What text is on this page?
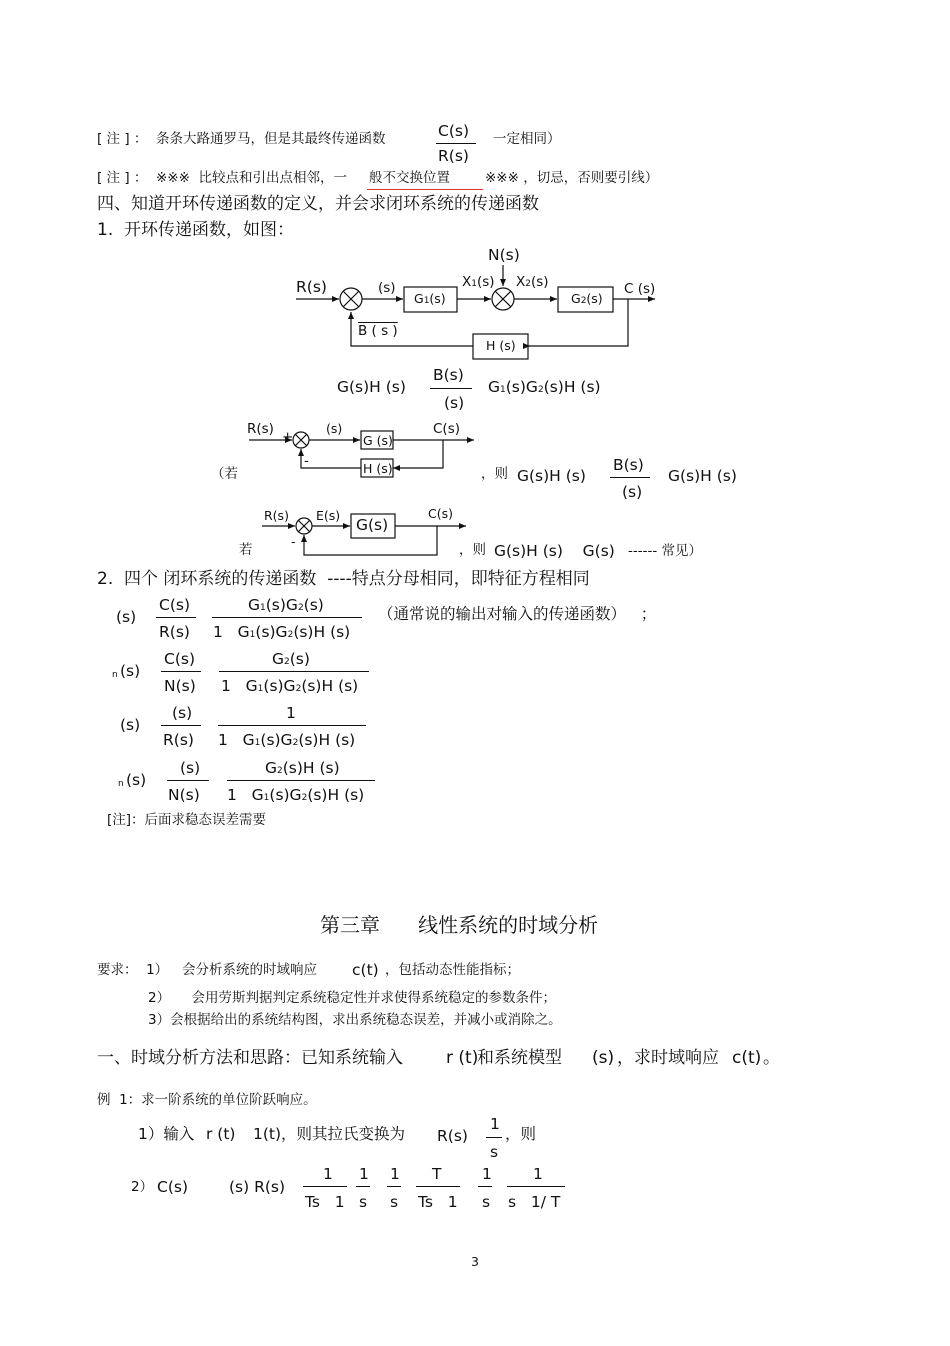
[ 注 ] ：  条条大路通罗马，但是其最终传递函数	C(s)
R(s)
一定相同）
[ 注 ] ：  ※※※  比较点和引出点相邻，一 般不交换位置	※※※ ，切忌，否则要引线）
四、知道开环传递函数的定义，并会求闭环系统的传递函数
1.  开环传递函数，如图：
R(s)	(s)
G1(s)
N(s)
X1(s) X2(s)
G2(s)
C (s)
B ( s )
H (s)
G(s)H (s)
B(s)
(s)
G1(s)G2(s)H (s)
（若
R(s) +
-
(s)
G (s)
C(s)
H (s)	，则 G(s)H (s)
B(s)
(s)
G(s)H (s)
若
R(s) E(s)
G(s)
C(s)
-
，则 G(s)H (s)    G(s) ------ 常见）
2.  四个 闭环系统的传递函数  ----特点分母相同，即特征方程相同
(s)
C(s)
R(s)
G1(s)G2(s)
1   G1(s)G2(s)H (s)
（通常说的输出对输入的传递函数）   ；
n (s)
C(s)
N(s)
G2(s)
1   G1(s)G2(s)H (s)
(s)
(s)
R(s)
1
1   G1(s)G2(s)H (s)
n (s)
(s)
N(s)
G2(s)H (s)
1   G1(s)G2(s)H (s)
[注]：后面求稳态误差需要
第三章      线性系统的时域分析
要求：  1） 会分析系统的时域响应 c(t) ，包括动态性能指标；
2）     会用劳斯判据判定系统稳定性并求使得系统稳定的参数条件；
3）会根据给出的系统结构图，求出系统稳态误差，并减小或消除之。
一、时域分析方法和思路：已知系统输入	r (t)
和系统模型 (s) ，求时域响应 c(t) 。
例  1：求一阶系统的单位阶跃响应。
1）输入 r (t) 1(t) ，则其拉氏变换为 R(s)
1
s
，则
2） C(s)	(s) R(s)
1
Ts   1
1
s
1
s
T
Ts   1
1
s
1
s   1/ T
3
